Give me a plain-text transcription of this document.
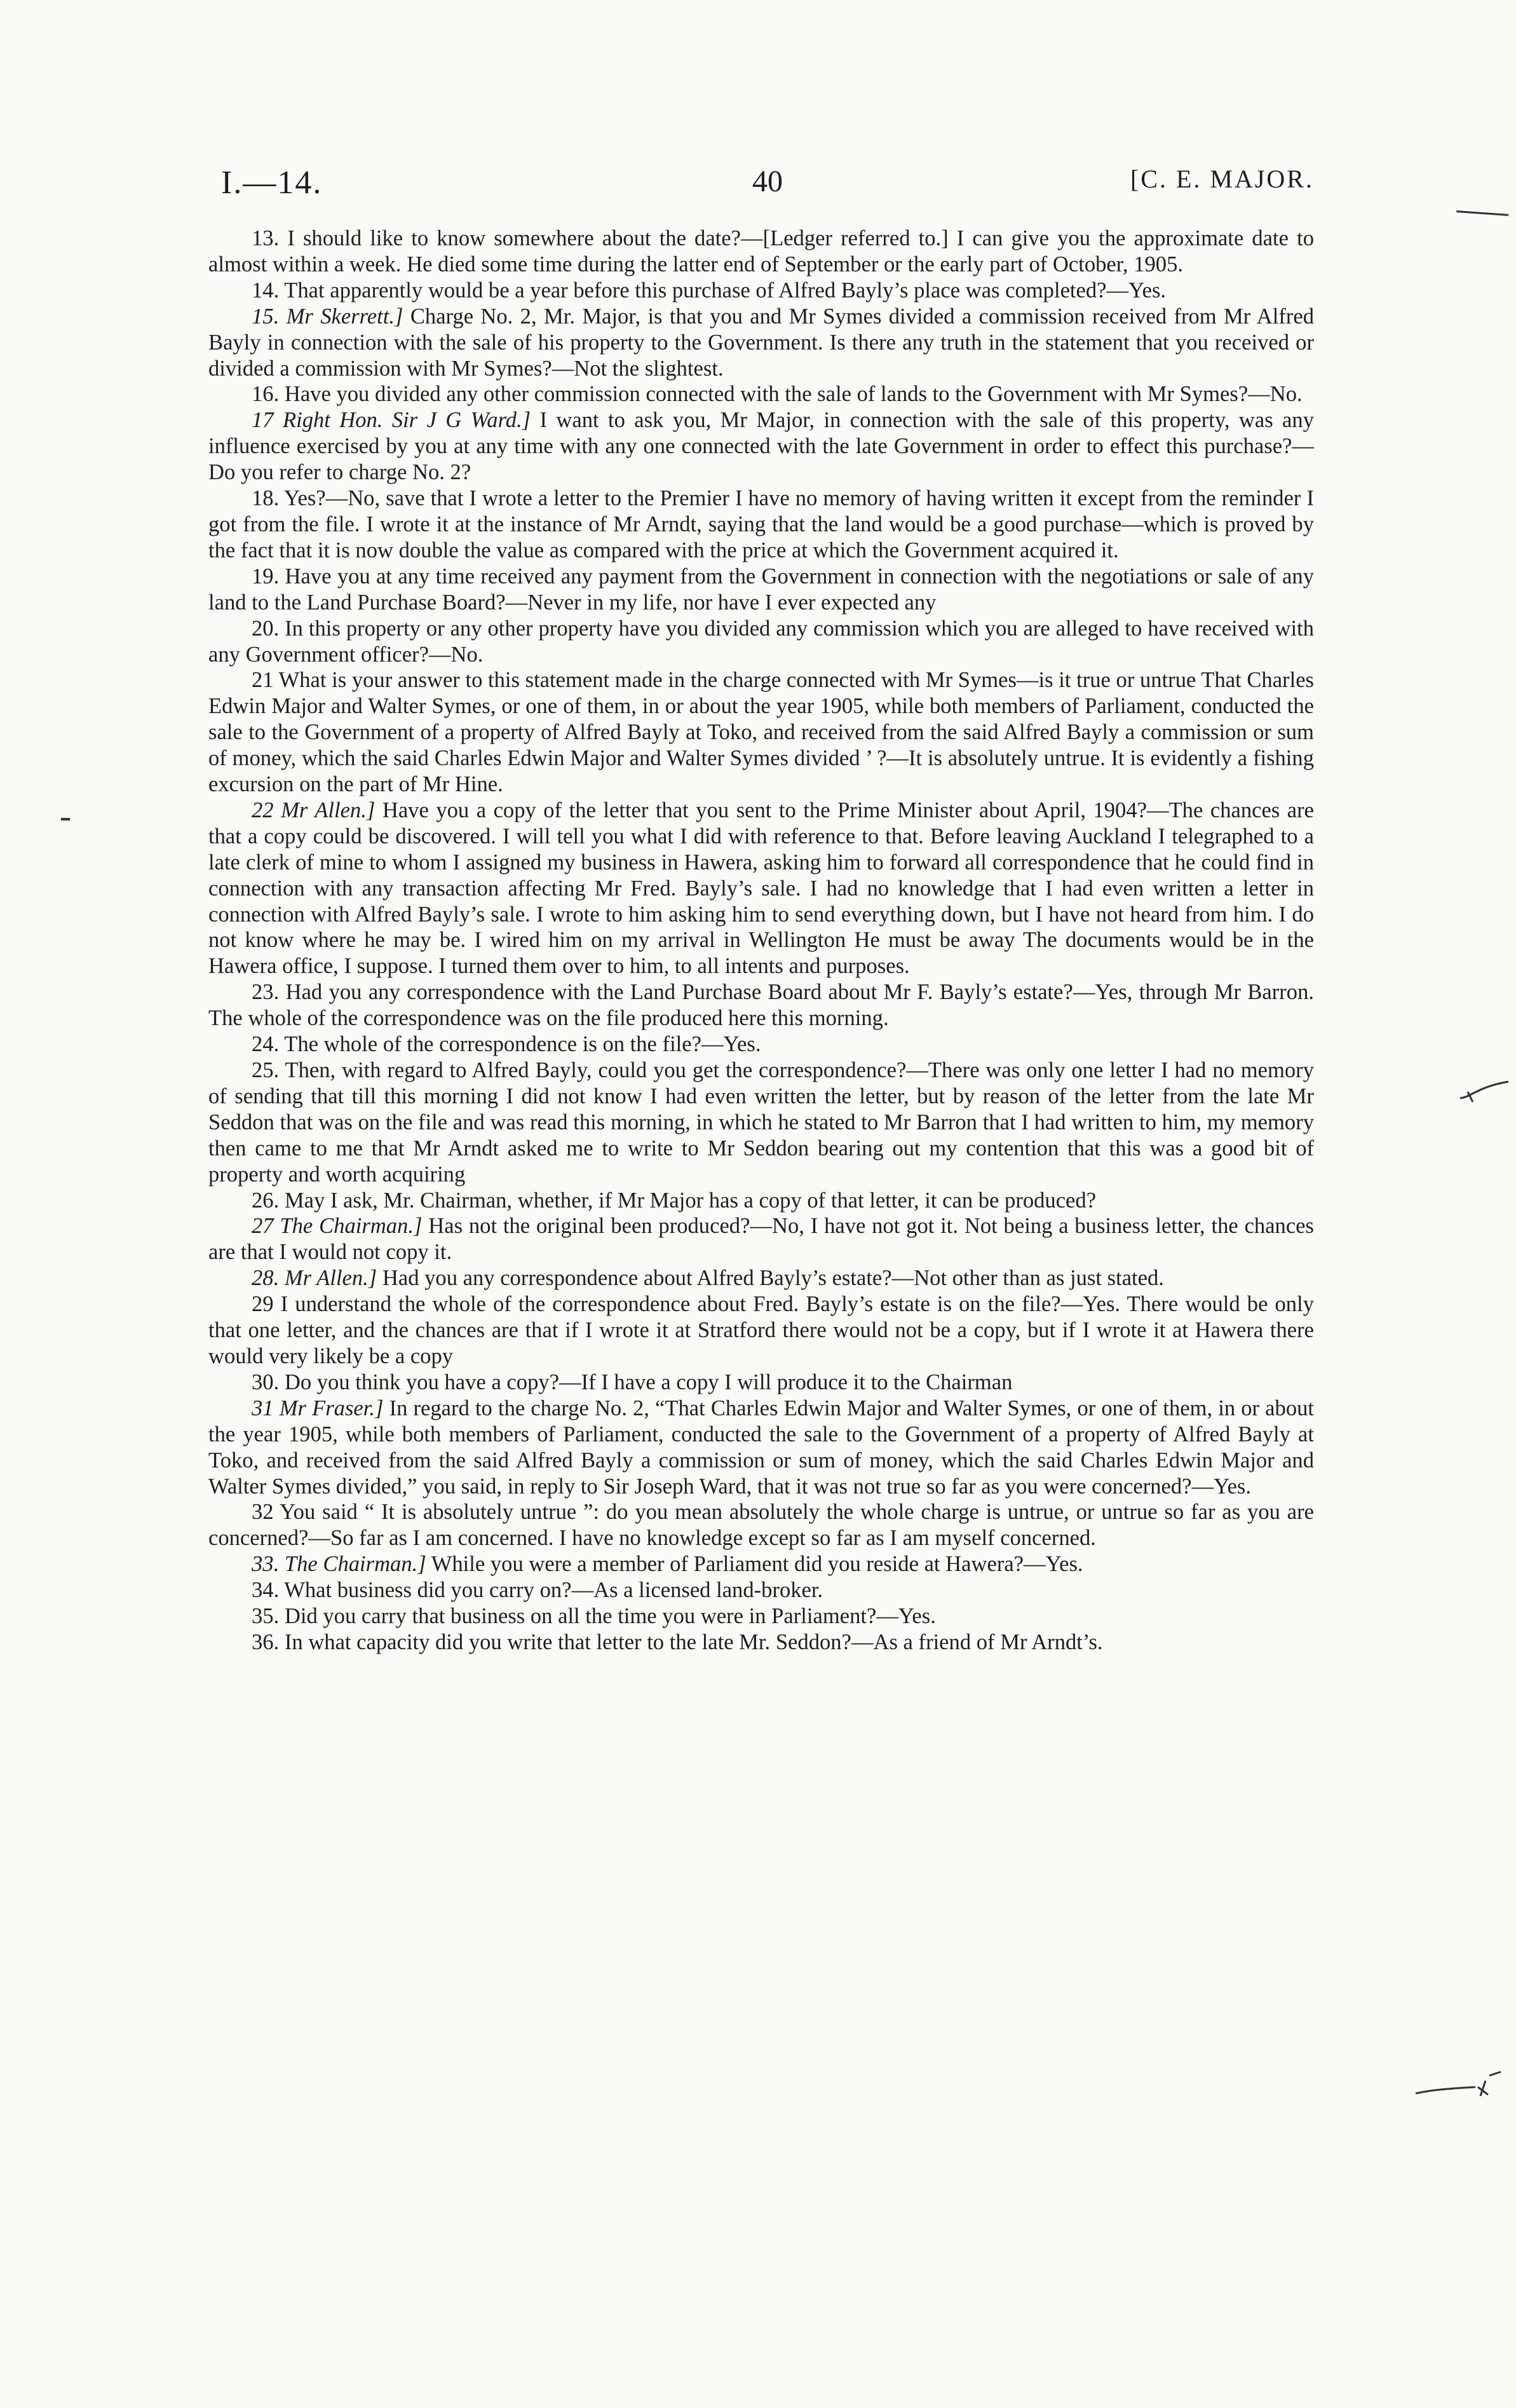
I.—14.	40	[C. E. MAJOR.

13. I should like to know somewhere about the date?—[Ledger referred to.] I can give you the approximate date to almost within a week. He died some time during the latter end of September or the early part of October, 1905.

14. That apparently would be a year before this purchase of Alfred Bayly’s place was completed?—Yes.

15. Mr Skerrett.] Charge No. 2, Mr. Major, is that you and Mr Symes divided a commission received from Mr Alfred Bayly in connection with the sale of his property to the Government. Is there any truth in the statement that you received or divided a commission with Mr Symes?—Not the slightest.

16. Have you divided any other commission connected with the sale of lands to the Government with Mr Symes?—No.

17 Right Hon. Sir J G Ward.] I want to ask you, Mr Major, in connection with the sale of this property, was any influence exercised by you at any time with any one connected with the late Government in order to effect this purchase?—Do you refer to charge No. 2?

18. Yes?—No, save that I wrote a letter to the Premier I have no memory of having written it except from the reminder I got from the file. I wrote it at the instance of Mr Arndt, saying that the land would be a good purchase—which is proved by the fact that it is now double the value as compared with the price at which the Government acquired it.

19. Have you at any time received any payment from the Government in connection with the negotiations or sale of any land to the Land Purchase Board?—Never in my life, nor have I ever expected any

20. In this property or any other property have you divided any commission which you are alleged to have received with any Government officer?—No.

21 What is your answer to this statement made in the charge connected with Mr Symes—is it true or untrue That Charles Edwin Major and Walter Symes, or one of them, in or about the year 1905, while both members of Parliament, conducted the sale to the Government of a property of Alfred Bayly at Toko, and received from the said Alfred Bayly a commission or sum of money, which the said Charles Edwin Major and Walter Symes divided ’ ?—It is absolutely untrue. It is evidently a fishing excursion on the part of Mr Hine.

22 Mr Allen.] Have you a copy of the letter that you sent to the Prime Minister about April, 1904?—The chances are that a copy could be discovered. I will tell you what I did with reference to that. Before leaving Auckland I telegraphed to a late clerk of mine to whom I assigned my business in Hawera, asking him to forward all correspondence that he could find in connection with any transaction affecting Mr Fred. Bayly’s sale. I had no knowledge that I had even written a letter in connection with Alfred Bayly’s sale. I wrote to him asking him to send everything down, but I have not heard from him. I do not know where he may be. I wired him on my arrival in Wellington He must be away The documents would be in the Hawera office, I suppose. I turned them over to him, to all intents and purposes.

23. Had you any correspondence with the Land Purchase Board about Mr F. Bayly’s estate?—Yes, through Mr Barron. The whole of the correspondence was on the file produced here this morning.

24. The whole of the correspondence is on the file?—Yes.

25. Then, with regard to Alfred Bayly, could you get the correspondence?—There was only one letter I had no memory of sending that till this morning I did not know I had even written the letter, but by reason of the letter from the late Mr Seddon that was on the file and was read this morning, in which he stated to Mr Barron that I had written to him, my memory then came to me that Mr Arndt asked me to write to Mr Seddon bearing out my contention that this was a good bit of property and worth acquiring

26. May I ask, Mr. Chairman, whether, if Mr Major has a copy of that letter, it can be produced?

27 The Chairman.] Has not the original been produced?—No, I have not got it. Not being a business letter, the chances are that I would not copy it.

28. Mr Allen.] Had you any correspondence about Alfred Bayly’s estate?—Not other than as just stated.

29 I understand the whole of the correspondence about Fred. Bayly’s estate is on the file?—Yes. There would be only that one letter, and the chances are that if I wrote it at Stratford there would not be a copy, but if I wrote it at Hawera there would very likely be a copy

30. Do you think you have a copy?—If I have a copy I will produce it to the Chairman

31 Mr Fraser.] In regard to the charge No. 2, “That Charles Edwin Major and Walter Symes, or one of them, in or about the year 1905, while both members of Parliament, conducted the sale to the Government of a property of Alfred Bayly at Toko, and received from the said Alfred Bayly a commission or sum of money, which the said Charles Edwin Major and Walter Symes divided,” you said, in reply to Sir Joseph Ward, that it was not true so far as you were concerned?—Yes.

32 You said “ It is absolutely untrue ”: do you mean absolutely the whole charge is untrue, or untrue so far as you are concerned?—So far as I am concerned. I have no knowledge except so far as I am myself concerned.

33. The Chairman.] While you were a member of Parliament did you reside at Hawera?—Yes.

34. What business did you carry on?—As a licensed land-broker.

35. Did you carry that business on all the time you were in Parliament?—Yes.

36. In what capacity did you write that letter to the late Mr. Seddon?—As a friend of Mr Arndt’s.
